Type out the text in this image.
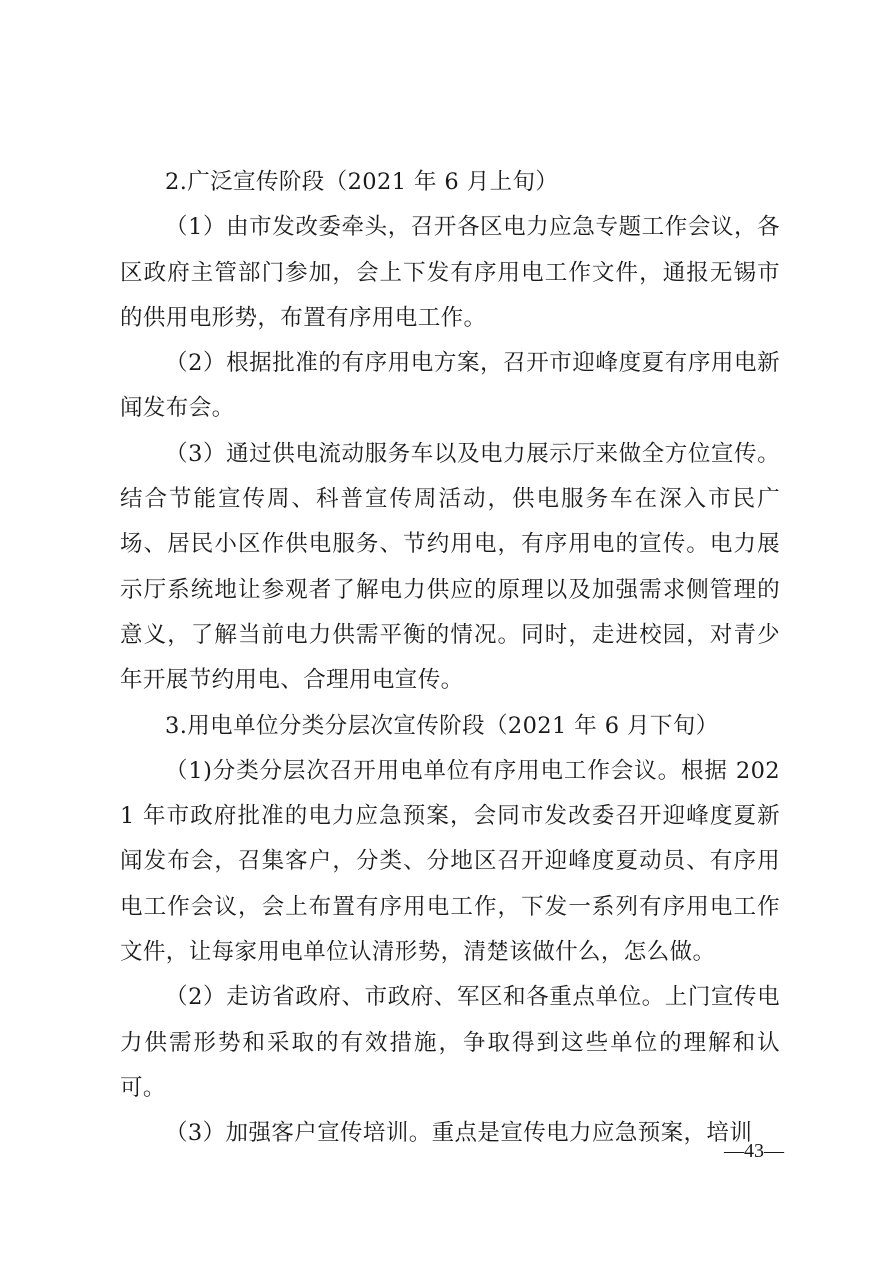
2.广泛宣传阶段（2021 年 6 月上旬）

（1）由市发改委牵头，召开各区电力应急专题工作会议，各区政府主管部门参加，会上下发有序用电工作文件，通报无锡市的供用电形势，布置有序用电工作。

（2）根据批准的有序用电方案，召开市迎峰度夏有序用电新闻发布会。

（3）通过供电流动服务车以及电力展示厅来做全方位宣传。结合节能宣传周、科普宣传周活动，供电服务车在深入市民广场、居民小区作供电服务、节约用电，有序用电的宣传。电力展示厅系统地让参观者了解电力供应的原理以及加强需求侧管理的意义，了解当前电力供需平衡的情况。同时，走进校园，对青少年开展节约用电、合理用电宣传。

3.用电单位分类分层次宣传阶段（2021 年 6 月下旬）

（1)分类分层次召开用电单位有序用电工作会议。根据 2021 年市政府批准的电力应急预案，会同市发改委召开迎峰度夏新闻发布会，召集客户，分类、分地区召开迎峰度夏动员、有序用电工作会议，会上布置有序用电工作，下发一系列有序用电工作文件，让每家用电单位认清形势，清楚该做什么，怎么做。

（2）走访省政府、市政府、军区和各重点单位。上门宣传电力供需形势和采取的有效措施，争取得到这些单位的理解和认可。

（3）加强客户宣传培训。重点是宣传电力应急预案，培训

—43—
